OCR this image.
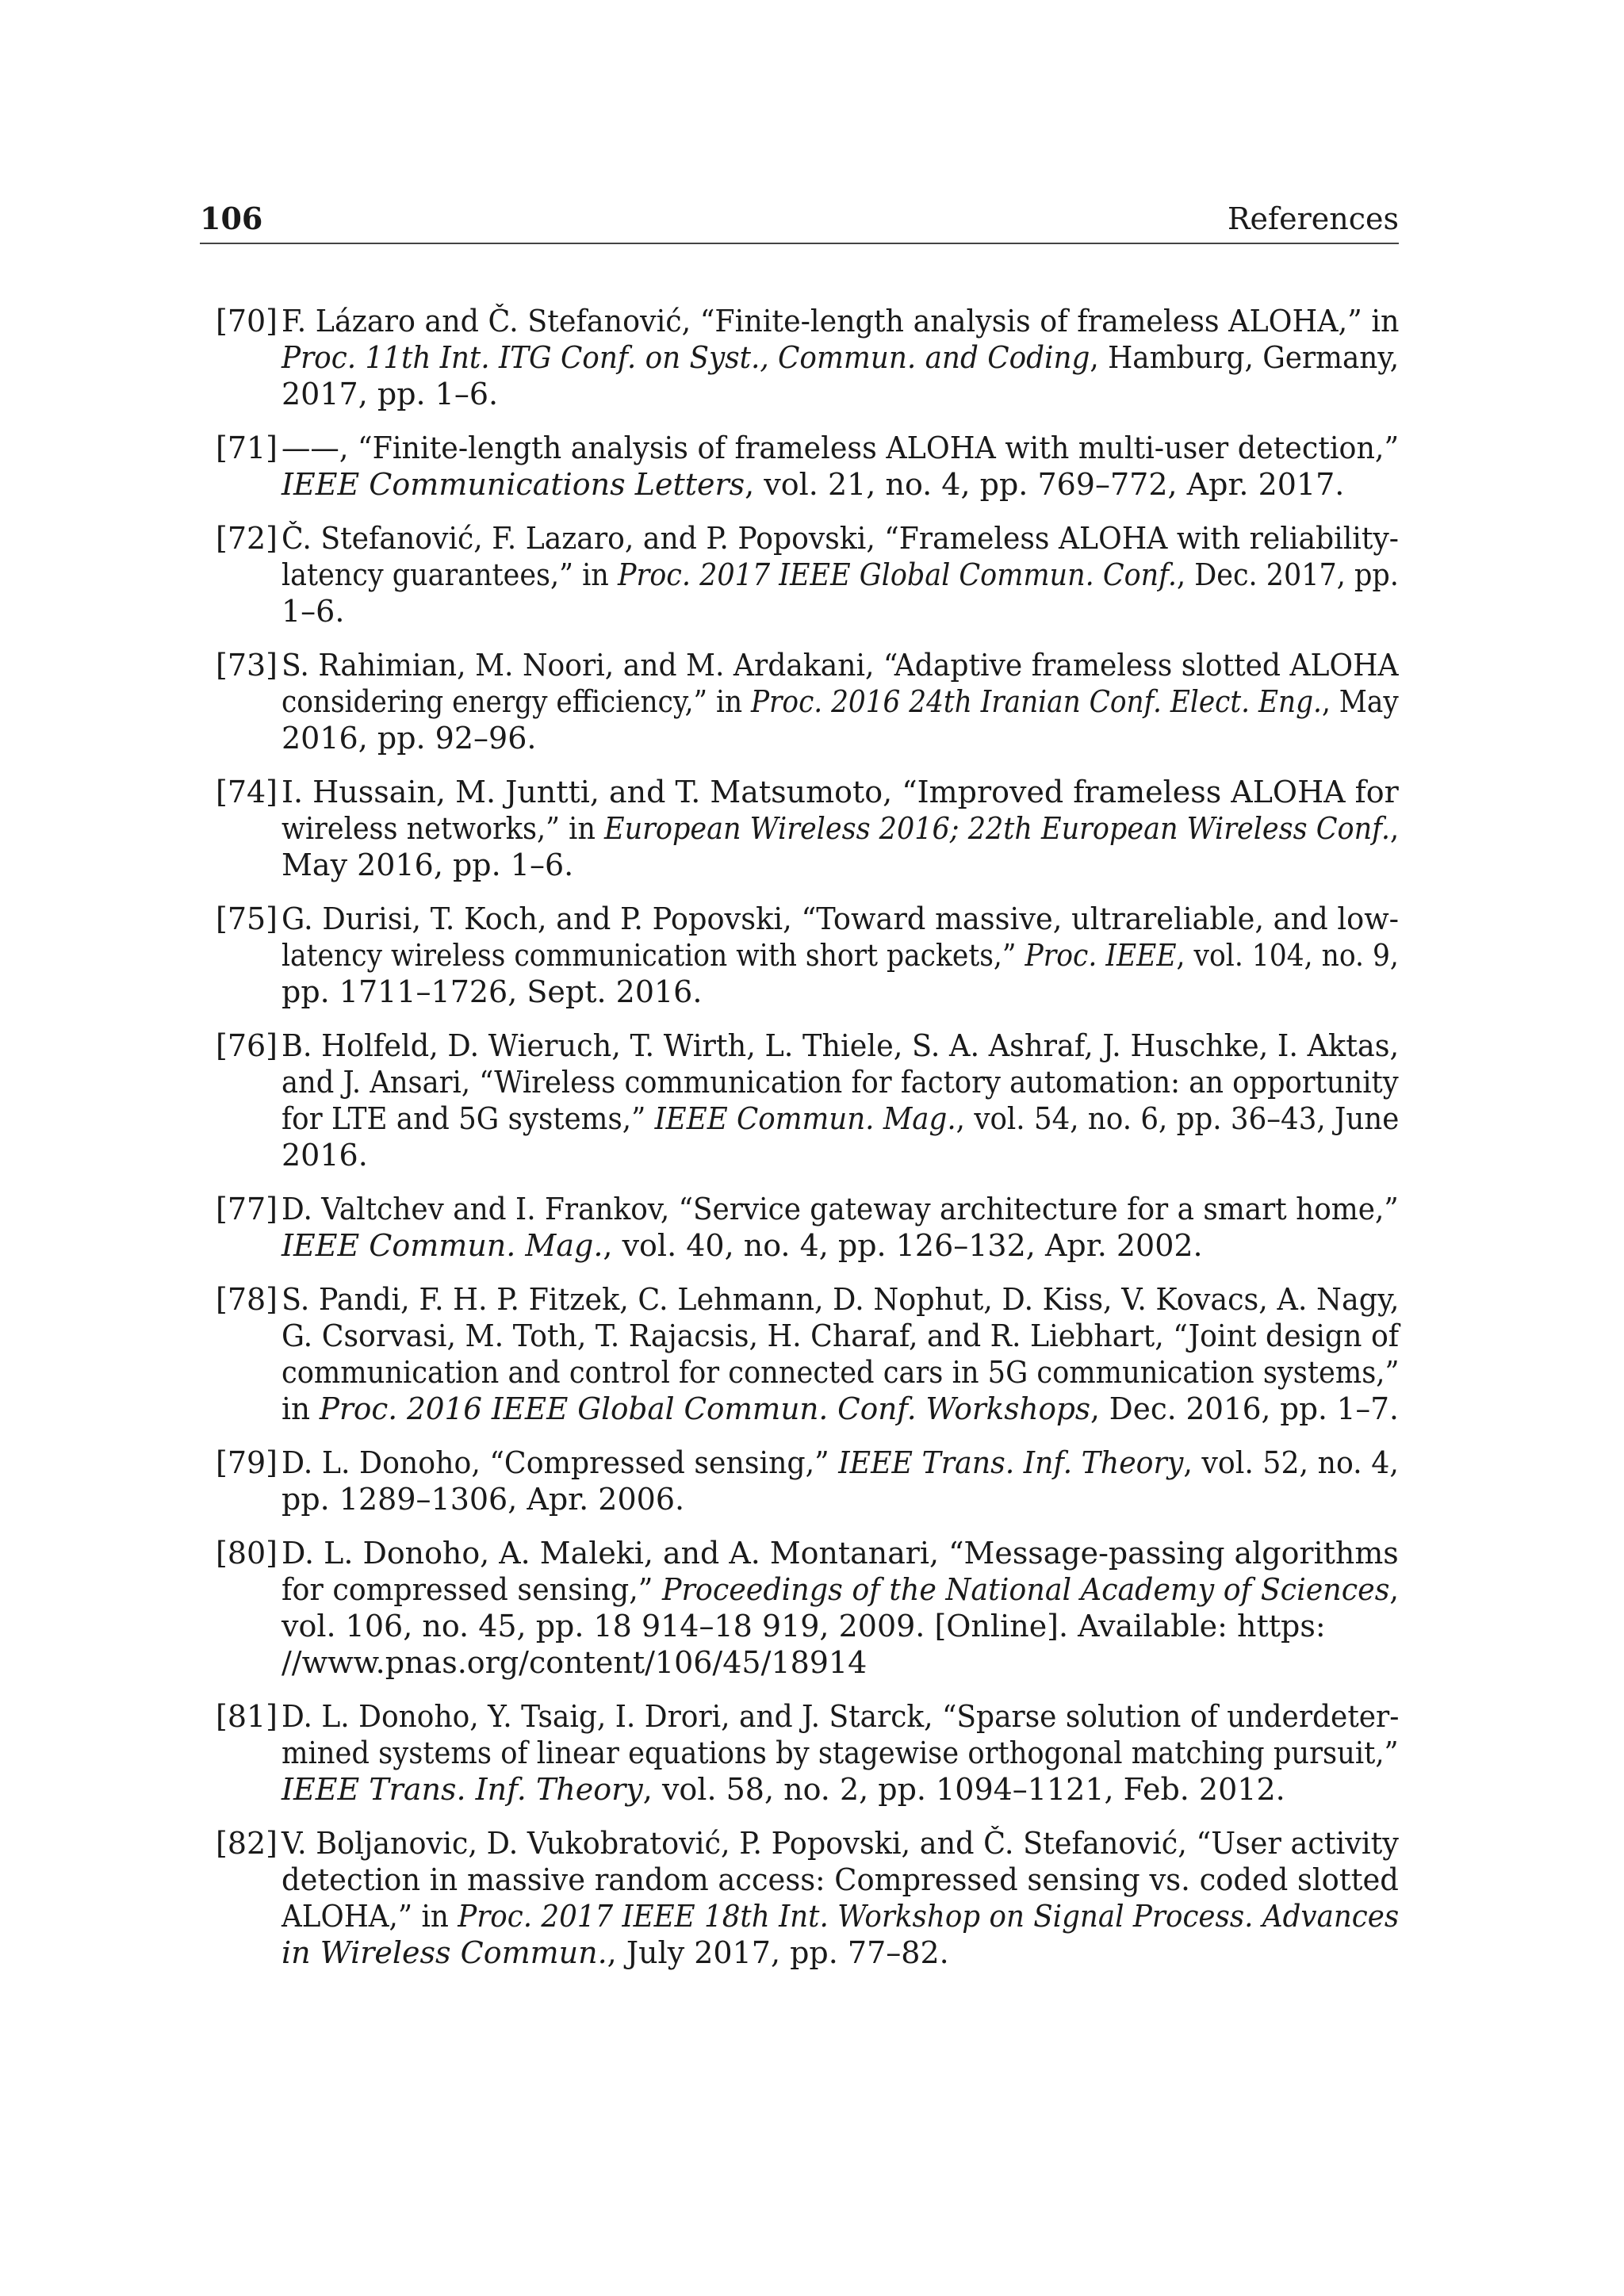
106	References
[70] F. Lázaro and Č. Stefanović, “Finite-length analysis of frameless ALOHA,” in
Proc. 11th Int. ITG Conf. on Syst., Commun. and Coding, Hamburg, Germany,
2017, pp. 1–6.
[71] ——, “Finite-length analysis of frameless ALOHA with multi-user detection,”
IEEE Communications Letters, vol. 21, no. 4, pp. 769–772, Apr. 2017.
[72] Č. Stefanović, F. Lazaro, and P. Popovski, “Frameless ALOHA with reliability-
latency guarantees,” in Proc. 2017 IEEE Global Commun. Conf., Dec. 2017, pp.
1–6.
[73] S. Rahimian, M. Noori, and M. Ardakani, “Adaptive frameless slotted ALOHA
considering energy efficiency,” in Proc. 2016 24th Iranian Conf. Elect. Eng., May
2016, pp. 92–96.
[74] I. Hussain, M. Juntti, and T. Matsumoto, “Improved frameless ALOHA for
wireless networks,” in European Wireless 2016; 22th European Wireless Conf.,
May 2016, pp. 1–6.
[75] G. Durisi, T. Koch, and P. Popovski, “Toward massive, ultrareliable, and low-
latency wireless communication with short packets,” Proc. IEEE, vol. 104, no. 9,
pp. 1711–1726, Sept. 2016.
[76] B. Holfeld, D. Wieruch, T. Wirth, L. Thiele, S. A. Ashraf, J. Huschke, I. Aktas,
and J. Ansari, “Wireless communication for factory automation: an opportunity
for LTE and 5G systems,” IEEE Commun. Mag., vol. 54, no. 6, pp. 36–43, June
2016.
[77] D. Valtchev and I. Frankov, “Service gateway architecture for a smart home,”
IEEE Commun. Mag., vol. 40, no. 4, pp. 126–132, Apr. 2002.
[78] S. Pandi, F. H. P. Fitzek, C. Lehmann, D. Nophut, D. Kiss, V. Kovacs, A. Nagy,
G. Csorvasi, M. Toth, T. Rajacsis, H. Charaf, and R. Liebhart, “Joint design of
communication and control for connected cars in 5G communication systems,”
in Proc. 2016 IEEE Global Commun. Conf. Workshops, Dec. 2016, pp. 1–7.
[79] D. L. Donoho, “Compressed sensing,” IEEE Trans. Inf. Theory, vol. 52, no. 4,
pp. 1289–1306, Apr. 2006.
[80] D. L. Donoho, A. Maleki, and A. Montanari, “Message-passing algorithms
for compressed sensing,” Proceedings of the National Academy of Sciences,
vol. 106, no. 45, pp. 18 914–18 919, 2009. [Online]. Available: https:
//www.pnas.org/content/106/45/18914
[81] D. L. Donoho, Y. Tsaig, I. Drori, and J. Starck, “Sparse solution of underdeter-
mined systems of linear equations by stagewise orthogonal matching pursuit,”
IEEE Trans. Inf. Theory, vol. 58, no. 2, pp. 1094–1121, Feb. 2012.
[82] V. Boljanovic, D. Vukobratović, P. Popovski, and Č. Stefanović, “User activity
detection in massive random access: Compressed sensing vs. coded slotted
ALOHA,” in Proc. 2017 IEEE 18th Int. Workshop on Signal Process. Advances
in Wireless Commun., July 2017, pp. 77–82.
